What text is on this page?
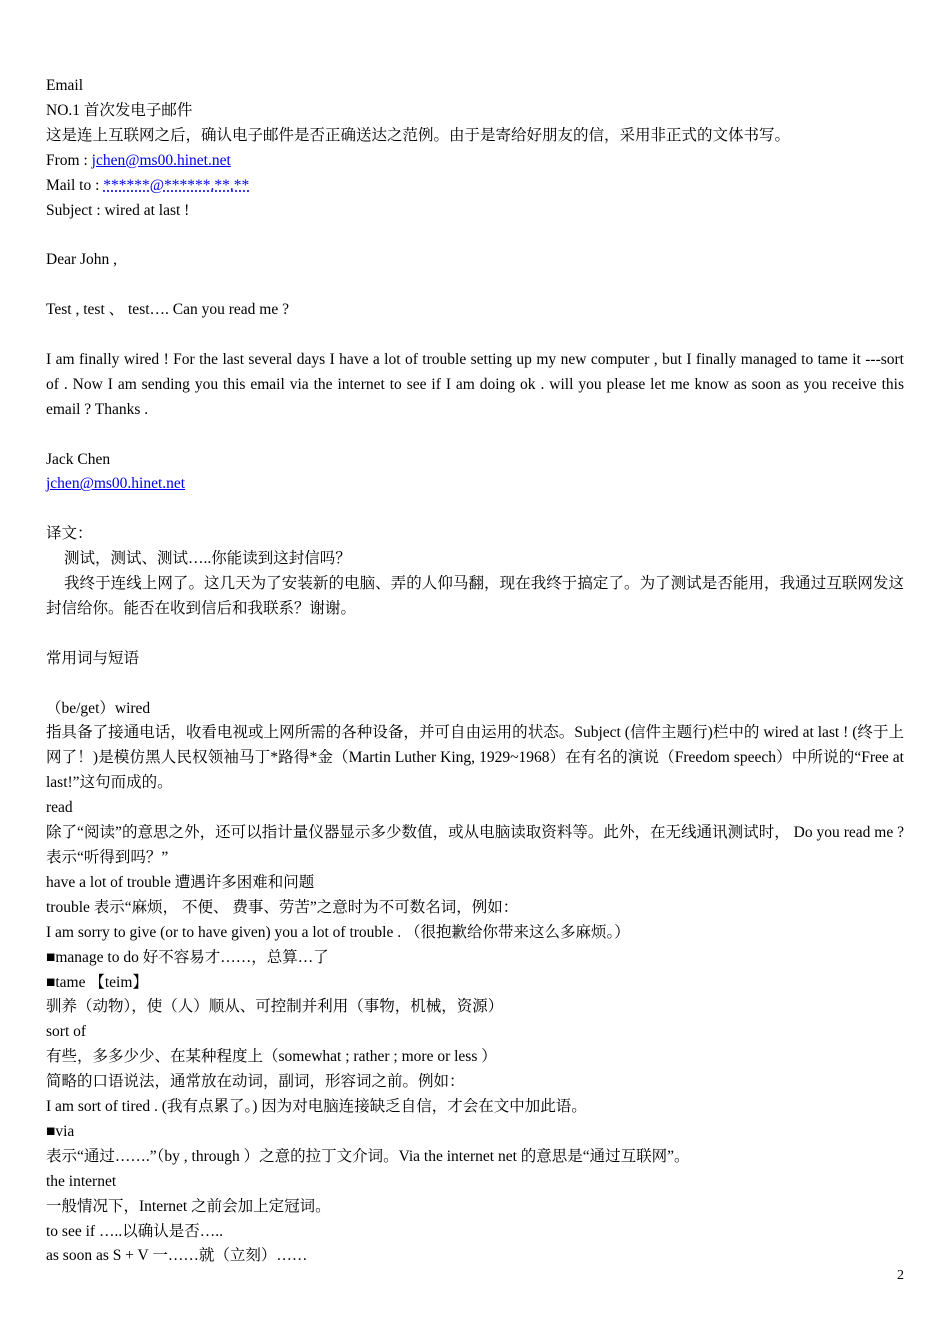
Email
NO.1 首次发电子邮件
这是连上互联网之后，确认电子邮件是否正确送达之范例。由于是寄给好朋友的信，采用非正式的文体书写。
From : jchen@ms00.hinet.net
Mail to : ******@******.**.**
Subject : wired at last !
Dear John ,
Test , test 、 test…. Can you read me ?
I am finally wired ! For the last several days I have a lot of trouble setting up my new computer , but I finally managed to tame it ---sort of . Now I am sending you this email via the internet to see if I am doing ok . will you please let me know as soon as you receive this email ? Thanks .
Jack Chen
jchen@ms00.hinet.net
译文：
测试，测试、测试…..你能读到这封信吗？
我终于连线上网了。这几天为了安装新的电脑、弄的人仰马翻，现在我终于搞定了。为了测试是否能用，我通过互联网发这封信给你。能否在收到信后和我联系？谢谢。
常用词与短语
（be/get）wired
指具备了接通电话，收看电视或上网所需的各种设备，并可自由运用的状态。Subject (信件主题行)栏中的 wired at last ! (终于上网了！)是模仿黑人民权领袖马丁*路得*金（Martin Luther King, 1929~1968）在有名的演说（Freedom speech）中所说的“Free at last!”这句而成的。
read
除了“阅读”的意思之外，还可以指计量仪器显示多少数值，或从电脑读取资料等。此外，在无线通讯测试时， Do you read me ? 表示“听得到吗？”
have a lot of trouble 遭遇许多困难和问题
trouble 表示“麻烦， 不便、 费事、劳苦”之意时为不可数名词，例如：
I am sorry to give (or to have given) you a lot of trouble . （很抱歉给你带来这么多麻烦。）
■manage to do 好不容易才……，总算…了
■tame 【teim】
驯养（动物），使（人）顺从、可控制并利用（事物，机械，资源）
sort of
有些，多多少少、在某种程度上（somewhat ; rather ; more or less ）
简略的口语说法，通常放在动词，副词，形容词之前。例如：
I am sort of tired . (我有点累了。) 因为对电脑连接缺乏自信，才会在文中加此语。
■via
表示“通过…….”（by , through ）之意的拉丁文介词。Via the internet net 的意思是“通过互联网”。
the internet
一般情况下，Internet 之前会加上定冠词。
to see if …..以确认是否…..
as soon as S + V 一……就（立刻）……
2
